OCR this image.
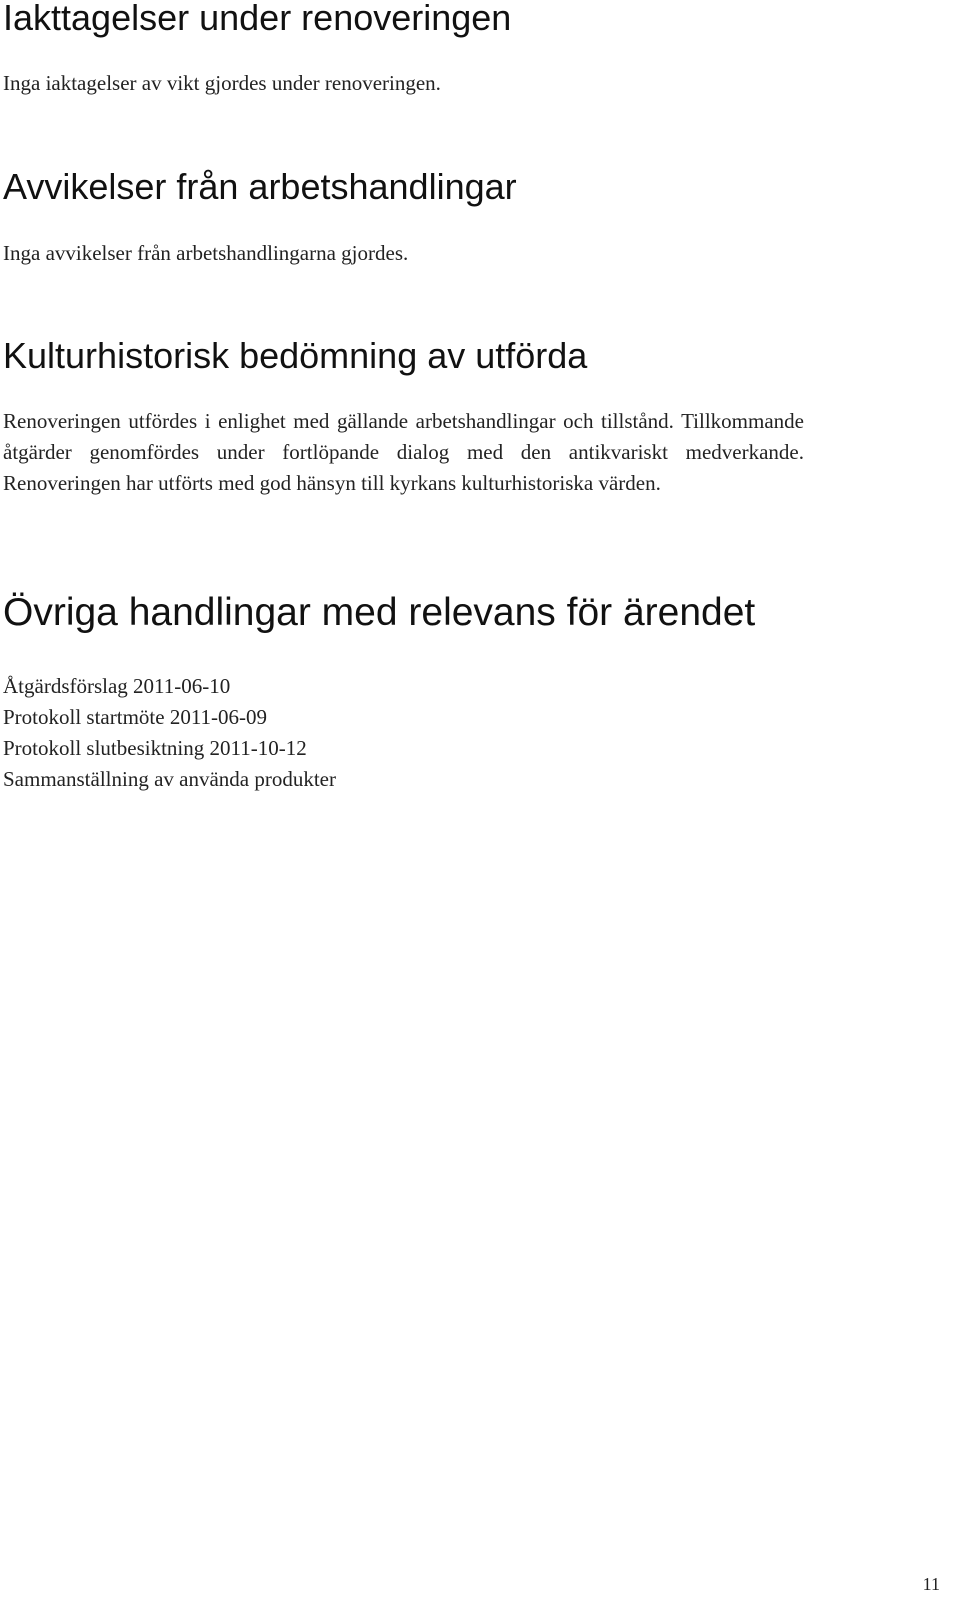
Iakttagelser under renoveringen

Inga iaktagelser av vikt gjordes under renoveringen.

Avvikelser från arbetshandlingar

Inga avvikelser från arbetshandlingarna gjordes.

Kulturhistorisk bedömning av utförda

Renoveringen utfördes i enlighet med gällande arbetshandlingar och tillstånd. Tillkommande åtgärder genomfördes under fortlöpande dialog med den antikvariskt medverkande. Renoveringen har utförts med god hänsyn till kyrkans kulturhistoriska värden.

Övriga handlingar med relevans för ärendet
Åtgärdsförslag 2011-06-10
Protokoll startmöte 2011-06-09
Protokoll slutbesiktning 2011-10-12
Sammanställning av använda produkter
11
